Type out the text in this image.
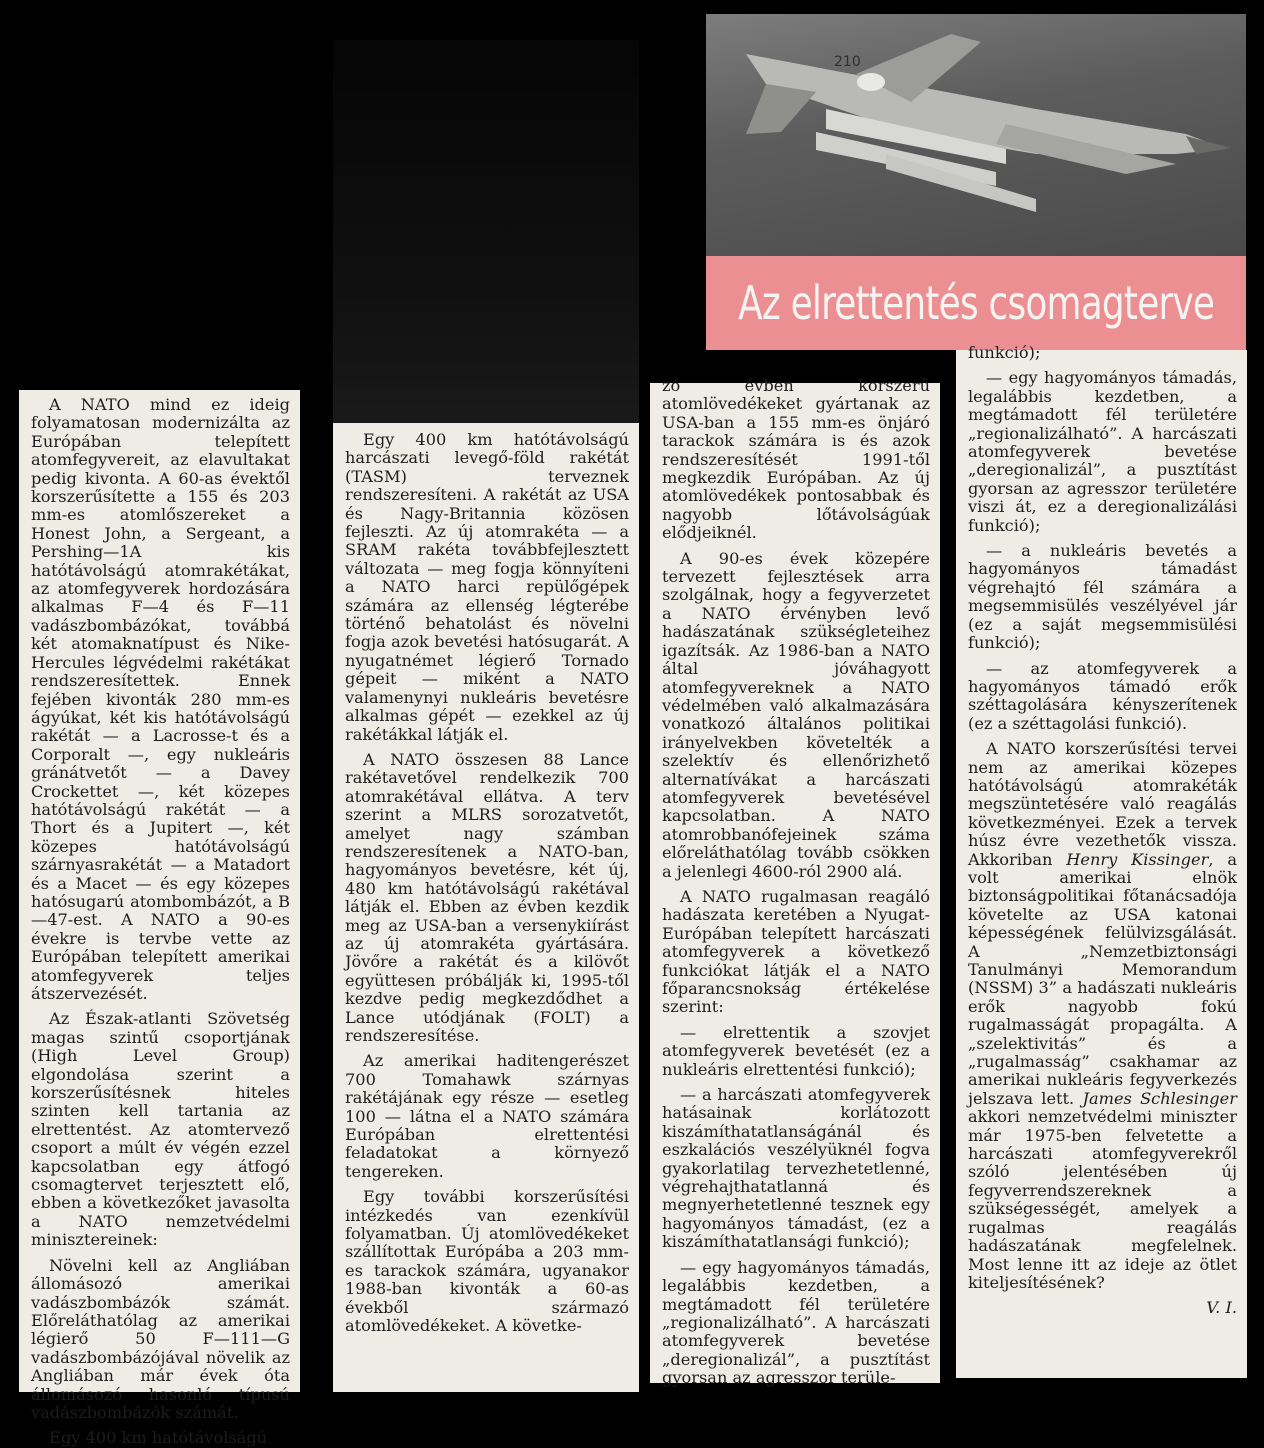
210
Az elrettentés csomagterve

A NATO mind ez ideig folyamatosan modernizálta az Európában telepített atomfegyvereit, az elavultakat pedig kivonta. A 60-as évektől korszerűsítette a 155 és 203 mm-es atomlőszereket a Honest John, a Sergeant, a Pershing—1A kis hatótávolságú atomrakétákat, az atomfegyverek hordozására alkalmas F—4 és F—11 vadászbombázókat, továbbá két atomaknatípust és Nike-Hercules légvédelmi rakétákat rendszeresítettek. Ennek fejében kivonták 280 mm-es ágyúkat, két kis hatótávolságú rakétát — a Lacrosse-t és a Corporalt —, egy nukleáris gránátvetőt — a Davey Crockettet —, két közepes hatótávolságú rakétát — a Thort és a Jupitert —, két közepes hatótávolságú szárnyasrakétát — a Matadort és a Macet — és egy közepes hatósugarú atombombázót, a B—47-est. A NATO a 90-es évekre is tervbe vette az Európában telepített amerikai atomfegyverek teljes átszervezését.

Az Észak-atlanti Szövetség magas szintű csoportjának (High Level Group) elgondolása szerint a korszerűsítésnek hiteles szinten kell tartania az elrettentést. Az atomtervező csoport a múlt év végén ezzel kapcsolatban egy átfogó csomagtervet terjesztett elő, ebben a következőket javasolta a NATO nemzetvédelmi minisztereinek:

Növelni kell az Angliában állomásozó amerikai vadászbombázók számát. Előreláthatólag az amerikai légierő 50 F—111—G vadászbombázójával növelik az Angliában már évek óta állomásozó hasonló típusú vadászbombázók számát.

Egy 400 km hatótávolságú

Egy 400 km hatótávolságú harcászati levegő-föld rakétát (TASM) terveznek rendszeresíteni. A rakétát az USA és Nagy-Britannia közösen fejleszti. Az új atomrakéta — a SRAM rakéta továbbfejlesztett változata — meg fogja könnyíteni a NATO harci repülőgépek számára az ellenség légterébe történő behatolást és növelni fogja azok bevetési hatósugarát. A nyugatnémet légierő Tornado gépeit — miként a NATO valamenynyi nukleáris bevetésre alkalmas gépét — ezekkel az új rakétákkal látják el.

A NATO összesen 88 Lance rakétavetővel rendelkezik 700 atomrakétával ellátva. A terv szerint a MLRS sorozatvetőt, amelyet nagy számban rendszeresítenek a NATO-ban, hagyományos bevetésre, két új, 480 km hatótávolságú rakétával látják el. Ebben az évben kezdik meg az USA-ban a versenykiírást az új atomrakéta gyártására. Jövőre a rakétát és a kilövőt együttesen próbálják ki, 1995-től kezdve pedig megkezdődhet a Lance utódjának (FOLT) a rendszeresítése.

Az amerikai haditengerészet 700 Tomahawk szárnyas rakétájának egy része — esetleg 100 — látna el a NATO számára Európában elrettentési feladatokat a környező tengereken.

Egy további korszerűsítési intézkedés van ezenkívül folyamatban. Új atomlövedékeket szállítottak Európába a 203 mm-es tarackok számára, ugyanakor 1988-ban kivonták a 60-as évekből származó atomlövedékeket. A követke-

zó évben korszerű atomlövedékeket gyártanak az USA-ban a 155 mm-es önjáró tarackok számára is és azok rendszeresítését 1991-től megkezdik Európában. Az új atomlövedékek pontosabbak és nagyobb lőtávolságúak elődjeiknél.

A 90-es évek közepére tervezett fejlesztések arra szolgálnak, hogy a fegyverzetet a NATO érvényben levő hadászatának szükségleteihez igazítsák. Az 1986-ban a NATO által jóváhagyott atomfegyvereknek a NATO védelmében való alkalmazására vonatkozó általános politikai irányelvekben követelték a szelektív és ellenőrizhető alternatívákat a harcászati atomfegyverek bevetésével kapcsolatban. A NATO atomrobbanófejeinek száma előreláthatólag tovább csökken a jelenlegi 4600-ról 2900 alá.

A NATO rugalmasan reagáló hadászata keretében a Nyugat-Európában telepített harcászati atomfegyverek a következő funkciókat látják el a NATO főparancsnokság értékelése szerint:

— elrettentik a szovjet atomfegyverek bevetését (ez a nukleáris elrettentési funkció);

— a harcászati atomfegyverek hatásainak korlátozott kiszámíthatatlanságánál és eszkalációs veszélyüknél fogva gyakorlatilag tervezhetetlenné, végrehajthatatlanná és megnyerhetetlenné tesznek egy hagyományos támadást, (ez a kiszámíthatatlansági funkció);

— egy hagyományos támadás, legalábbis kezdetben, a megtámadott fél területére „regionalizálható”. A harcászati atomfegyverek bevetése „deregionalizál”, a pusztítást gyorsan az agresszor terüle-

funkció);

— egy hagyományos támadás, legalábbis kezdetben, a megtámadott fél területére „regionalizálható”. A harcászati atomfegyverek bevetése „deregionalizál”, a pusztítást gyorsan az agresszor területére viszi át, ez a deregionalizálási funkció);

— a nukleáris bevetés a hagyományos támadást végrehajtó fél számára a megsemmisülés veszélyével jár (ez a saját megsemmisülési funkció);

— az atomfegyverek a hagyományos támadó erők széttagolására kényszerítenek (ez a széttagolási funkció).

A NATO korszerűsítési tervei nem az amerikai közepes hatótávolságú atomrakéták megszüntetésére való reagálás következményei. Ezek a tervek húsz évre vezethetők vissza. Akkoriban Henry Kissinger, a volt amerikai elnök biztonságpolitikai főtanácsadója követelte az USA katonai képességének felülvizsgálását. A „Nemzetbiztonsági Tanulmányi Memorandum (NSSM) 3” a hadászati nukleáris erők nagyobb fokú rugalmasságát propagálta. A „szelektivitás” és a „rugalmasság” csakhamar az amerikai nukleáris fegyverkezés jelszava lett. James Schlesinger akkori nemzetvédelmi miniszter már 1975-ben felvetette a harcászati atomfegyverekről szóló jelentésében új fegyverrendszereknek a szükségességét, amelyek a rugalmas reagálás hadászatának megfelelnek. Most lenne itt az ideje az ötlet kiteljesítésének?

V. I.
